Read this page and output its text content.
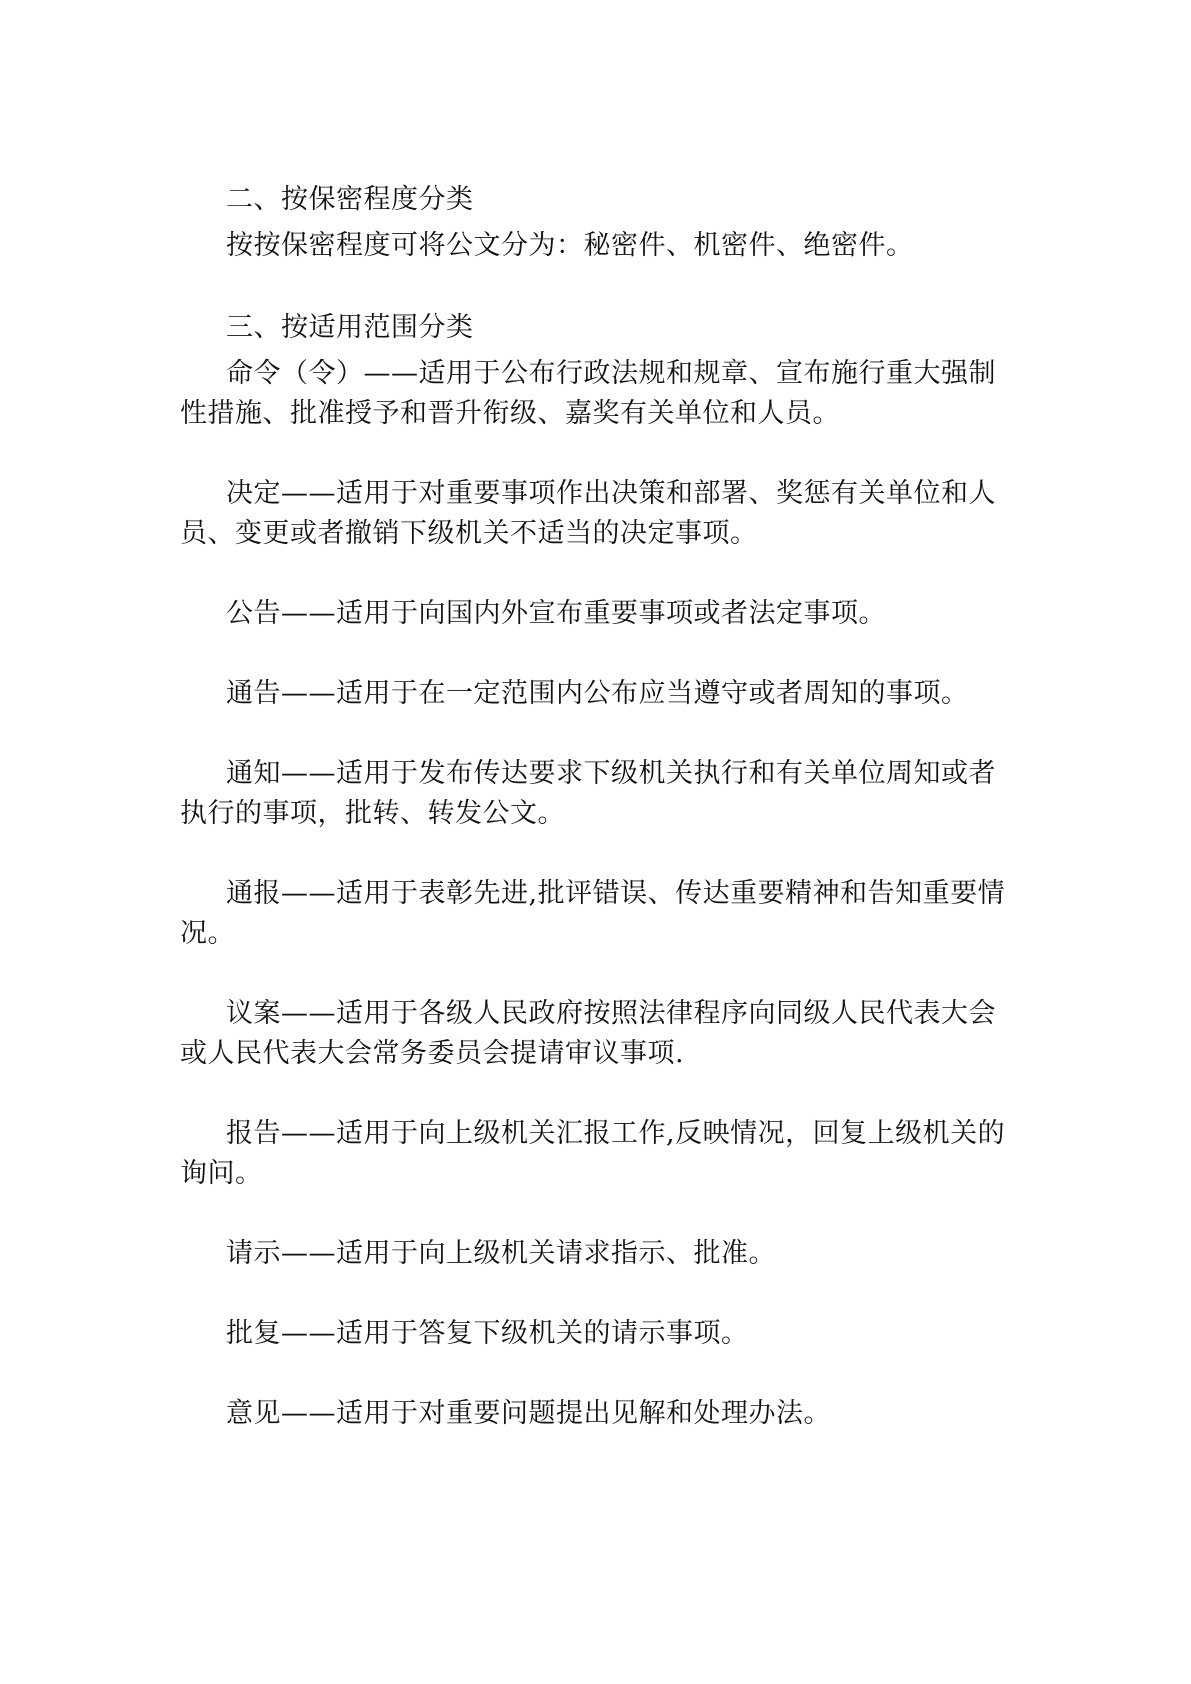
二、按保密程度分类

按按保密程度可将公文分为：秘密件、机密件、绝密件。

三、按适用范围分类

命令（令）——适用于公布行政法规和规章、宣布施行重大强制性措施、批准授予和晋升衔级、嘉奖有关单位和人员。

决定——适用于对重要事项作出决策和部署、奖惩有关单位和人员、变更或者撤销下级机关不适当的决定事项。

公告——适用于向国内外宣布重要事项或者法定事项。

通告——适用于在一定范围内公布应当遵守或者周知的事项。

通知——适用于发布传达要求下级机关执行和有关单位周知或者执行的事项，批转、转发公文。

通报——适用于表彰先进,批评错误、传达重要精神和告知重要情况。

议案——适用于各级人民政府按照法律程序向同级人民代表大会或人民代表大会常务委员会提请审议事项.

报告——适用于向上级机关汇报工作,反映情况，回复上级机关的询问。

请示——适用于向上级机关请求指示、批准。

批复——适用于答复下级机关的请示事项。

意见——适用于对重要问题提出见解和处理办法。
